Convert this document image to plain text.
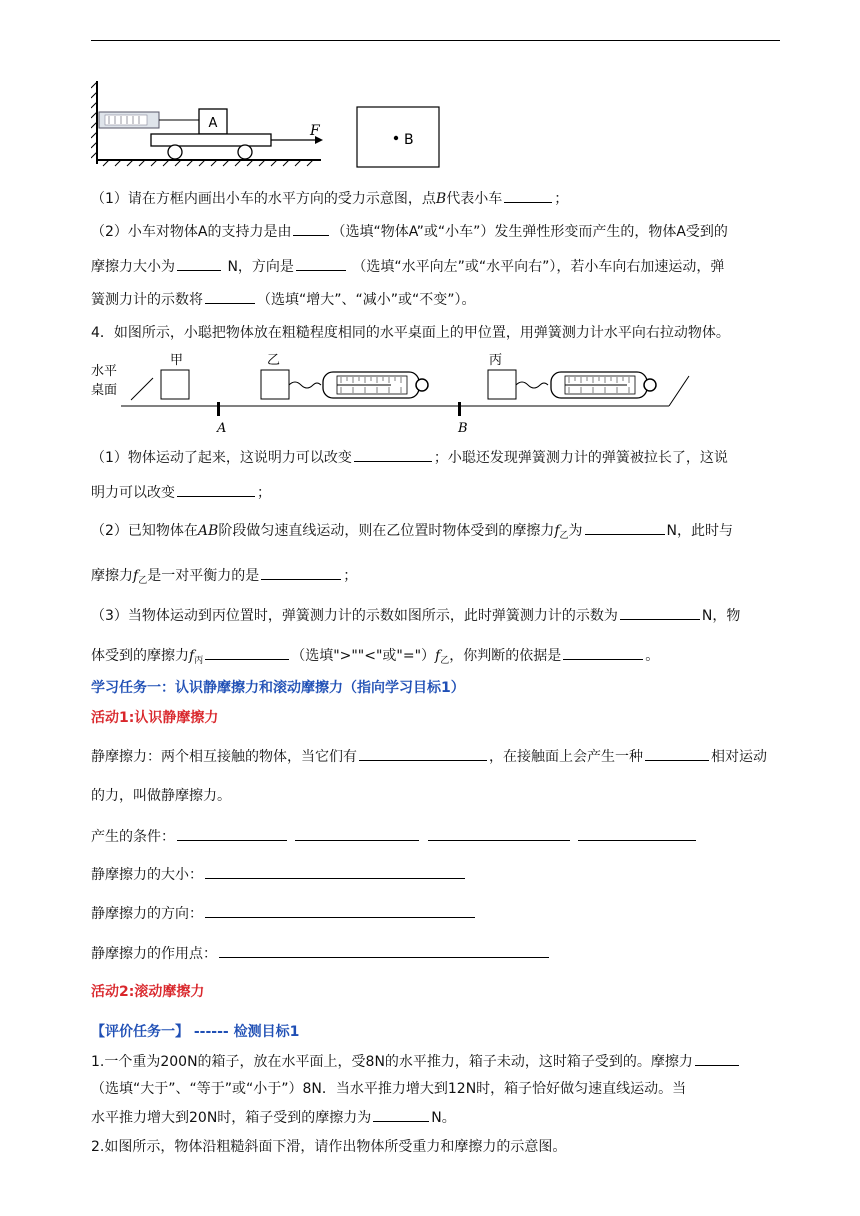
A	F
B
（1）请在方框内画出小车的水平方向的受力示意图，点B代表小车	；
（2）小车对物体A的支持力是由	（选填“物体A”或“小车”）发生弹性形变而产生的，物体A受到的
摩擦力大小为	N，方向是	（选填“水平向左”或“水平向右”），若小车向右加速运动，弹
簧测力计的示数将	（选填“增大”、“减小”或“不变”）。
4．如图所示，小聪把物体放在粗糙程度相同的水平桌面上的甲位置，用弹簧测力计水平向右拉动物体。
水平
桌面
甲	乙	丙
A	B
（1）物体运动了起来，这说明力可以改变	；小聪还发现弹簧测力计的弹簧被拉长了，这说
明力可以改变	；
（2）已知物体在AB阶段做匀速直线运动，则在乙位置时物体受到的摩擦力$f_乙$为	N，此时与
摩擦力$f_乙$是一对平衡力的是	；
（3）当物体运动到丙位置时，弹簧测力计的示数如图所示，此时弹簧测力计的示数为	N，物
体受到的摩擦力$f_丙$	（选填">""<"或"$=")f_乙$，你判断的依据是	。
学习任务一：认识静摩擦力和滚动摩擦力（指向学习目标1）
活动1:认识静摩擦力
静摩擦力：两个相互接触的物体，当它们有	，在接触面上会产生一种	相对运动
的力，叫做静摩擦力。
产生的条件：
静摩擦力的大小：
静摩擦力的方向：
静摩擦力的作用点：
活动2:滚动摩擦力
【评价任务一】 ------ 检测目标1
1.一个重为200N的箱子，放在水平面上，受8N的水平推力，箱子未动，这时箱子受到的。摩擦力
（选填“大于”、“等于”或“小于”）8N．当水平推力增大到12N时，箱子恰好做匀速直线运动。当
水平推力增大到20N时，箱子受到的摩擦力为	N。
2.如图所示，物体沿粗糙斜面下滑，请作出物体所受重力和摩擦力的示意图。
